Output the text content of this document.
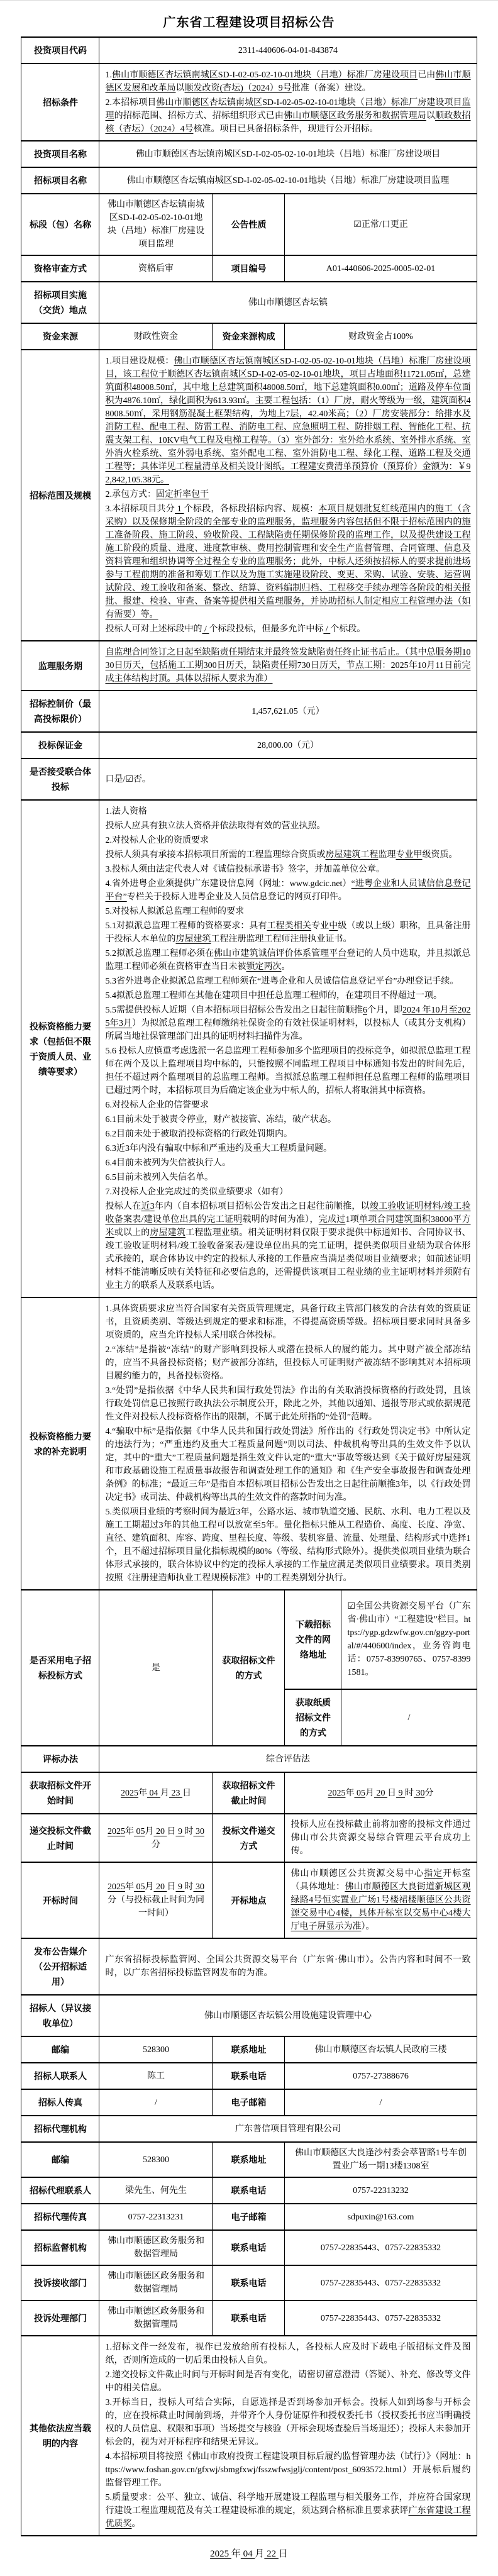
广东省工程建设项目招标公告
投资项目代码	2311-440606-04-01-843874			
招标条件	1.佛山市顺德区杏坛镇南城区SD-I-02-05-02-10-01地块（吕地）标准厂房建设项目已由佛山市顺德区发展和改革局以顺发改资(杏坛)（2024）9号批准（备案）建设。
2.本招标项目佛山市顺德区杏坛镇南城区SD-I-02-05-02-10-01地块（吕地）标准厂房建设项目监理的招标范围、招标方式、招标组织形式已由佛山市顺德区政务服务和数据管理局以顺政数招核（杏坛）（2024）4号核准。项目已具备招标条件，现进行公开招标。			

投资项目名称	佛山市顺德区杏坛镇南城区SD-I-02-05-02-10-01地块（吕地）标准厂房建设项目			
招标项目名称	佛山市顺德区杏坛镇南城区SD-I-02-05-02-10-01地块（吕地）标准厂房建设项目监理			
标段（包）名称	佛山市顺德区杏坛镇南城区SD-I-02-05-02-10-01地块（吕地）标准厂房建设项目监理	公告性质	☑正常/口更正	
资格审查方式	资格后审	项目编号	A01-440606-2025-0005-02-01	
招标项目实施（交货）地点	佛山市顺德区杏坛镇			
资金来源	财政性资金	资金来源构成	财政资金占100%	
招标范围及规模	1.项目建设规模：佛山市顺德区杏坛镇南城区SD-I-02-05-02-10-01地块（吕地）标准厂房建设项目，该工程位于顺德区杏坛镇南城区SD-I-02-05-02-10-01地块，项目占地面积11721.05㎡，总建筑面积48008.50㎡，其中地上总建筑面积48008.50㎡，地下总建筑面积0.00㎡；道路及停车位面积为4876.10㎡，绿化面积为613.93㎡。主要工程包括：（1）厂房，耐火等级为一级，建筑面积48008.50㎡，采用钢筋混凝土框架结构，为地上7层，42.40米高；（2）厂房安装部分：给排水及消防工程、配电工程、防雷工程、消防电工程、应急照明工程、防排烟工程、智能化工程、抗震支架工程、10KV电气工程及电梯工程等。（3）室外部分：室外给水系统、室外排水系统、室外消火栓系统、室外弱电系统、室外配电工程、室外消防电工程、绿化工程、道路工程及交通工程等；具体详见工程量清单及相关设计图纸。工程建安费清单预算价（预算价）金额为：￥92,842,105.38元。
2.承包方式：固定折率包干
3.本招标项目共分 1 个标段，各标段招标内容、规模：本项目规划批复红线范围内的施工（含采购）以及保修期全阶段的全部专业的监理服务，监理服务内容包括但不限于招标范围内的施工准备阶段、施工阶段、验收阶段、工程缺陷责任期保修阶段的监理工作，以及提供建设工程施工阶段的质量、进度、进度款审核、费用控制管理和安全生产监督管理、合同管理、信息及资料管理和组织协调等全过程全专业的监理服务；此外，中标人还须按招标人的要求提前进场参与工程前期的准备和筹划工作以及为施工实施建设阶段、变更、采购、试验、安装、运营调试阶段、竣工验收和备案、整改、结算、资料编制归档、工程移交手续办理等各阶段的相关报批、报建、检验、审查、备案等提供相关监理服务，并协助招标人制定相应工程管理办法（如有需要）等。
投标人可对上述标段中的 / 个标段投标，但最多允许中标 / 个标段。			

监理服务期	自监理合同签订之日起至缺陷责任期结束并最终签发缺陷责任终止证书后止。（其中总服务期1030日历天，包括施工工期300日历天，缺陷责任期730日历天，节点工期：2025年10月11日前完成主体结构封顶。具体以招标人要求为准）			

招标控制价（最高投标限价）	1,457,621.05（元）			
投标保证金	28,000.00（元）			
是否接受联合体投标	口是/☑否。			
投标资格能力要求（包括但不限于资质人员、业绩等要求）	
1.法人资格
投标人应具有独立法人资格并依法取得有效的营业执照。
2.对投标人企业的资质要求
投标人须具有承接本招标项目所需的工程监理综合资质或房屋建筑工程监理专业甲级资质。
3.投标人须由法定代表人对《诚信投标承诺书》签字，并加盖单位公章。
4.省外进粤企业须提供广东建设信息网（网址：www.gdcic.net）“进粤企业和人员诚信信息登记平台”专栏关于投标人进粤企业及人员信息登记的网页打印件。
5.对投标人拟派总监理工程师的要求
5.1对拟派总监理工程师的资格要求：具有工程类相关专业中级（或以上级）职称，且具备注册于投标人本单位的房屋建筑工程注册监理工程师注册执业证书。
5.2拟派总监理工程师必须在佛山市建筑诚信评价体系管理平台登记的人员中选取，并且拟派总监理工程师必须在资格审查当日未被锁定两次。
5.3省外进粤企业拟派总监理工程师须在“进粤企业和人员诚信信息登记平台”办理登记手续。
5.4拟派总监理工程师在其他在建项目中担任总监理工程师的，在建项目不得超过一项。
5.5需提供投标人近期（自本招标项目招标公告发出之日起往前顺推6个月，即2024 年10月至2025年3月）为拟派总监理工程师缴纳社保资金的有效社保证明材料，以投标人（或其分支机构）所属当地社保管理部门出具的证明材料扫描件为准。
5.6 投标人应慎重考虑选派一名总监理工程师参加多个监理项目的投标竞争，如拟派总监理工程师在两个及以上监理项目均中标的，只能按照不同监理工程项目中标通知书发出的时间先后，担任不超过两个监理项目的总监理工程师。当拟派总监理工程师担任总监理工程师的监理项目已超过两个时，本招标项目为后确定该企业为中标人的，招标人将取消其中标资格。
6.对投标人企业的信誉要求
6.1目前未处于被责令停业，财产被接管、冻结，破产状态。
6.2目前未处于被取消投标资格的行政处罚期内。
6.3近3年内没有骗取中标和严重违约及重大工程质量问题。
6.4目前未被列为失信被执行人。
6.5目前未被列入失信名单。
7.对投标人企业完成过的类似业绩要求（如有）
投标人在近3年内（自本招标项目招标公告发出之日起往前顺推，以竣工验收证明材料/竣工验收备案表/建设单位出具的完工证明载明的时间为准），完成过1项单项合同建筑面积38000平方米或以上的房屋建筑工程监理业绩。相关证明材料仅限于要求提供中标通知书、合同协议书、竣工验收证明材料/竣工验收备案表/建设单位出具的完工证明，提供类似项目业绩为联合体形式承接的，联合体协议中约定的投标人承接的工作量应当满足类似项目业绩要求；如前述证明材料不能清晰反映有关特征和必要信息的，还需提供该项目工程业绩的业主证明材料并须附有业主方的联系人及联系电话。

投标资格能力要求的补充说明	1.具体资质要求应当符合国家有关资质管理规定，具备行政主管部门核发的合法有效的资质证书，且资质类别、等级达到规定的要求和标准，不得提高资质等级。招标项目要求同时具备多项资质的，应当允许投标人采用联合体投标。
2.“冻结”是指被“冻结”的财产影响到投标人或潜在投标人的履约能力。其中财产被全部冻结的，应当不具备投标资格；财产被部分冻结，但投标人可证明财产被冻结不影响其对本招标项目履约能力的，具备投标资格。
3.“处罚”是指依据《中华人民共和国行政处罚法》作出的有关取消投标资格的行政处罚，且该行政处罚信息已按照行政执法公示制度公开，除此之外，其他以通知、通报等形式或依据规范性文件对投标人投标资格作出的限制，不属于此处所指的“处罚”范畴。
4.“骗取中标”是指依据《中华人民共和国行政处罚法》所作出的《行政处罚决定书》中所认定的违法行为；“严重违约及重大工程质量问题”则以司法、仲裁机构等出具的生效文件予以认定，其中的“重大”工程质量问题是指生效文件认定的“重大”事故等级达到《关于做好房屋建筑和市政基础设施工程质量事故报告和调查处理工作的通知》和《生产安全事故报告和调查处理条例》的标准；“最近三年”是指自本招标项目招标公告发出之日起往前顺推3年，以《行政处罚决定书》或司法、仲裁机构等出具的生效文件的落款时间为准。
5.类似项目业绩的考察时间为最近3年，公路水运、城市轨道交通、民航、水利、电力工程以及施工工期超过3年的其他工程可以放宽至5年。量化指标只能从工程造价、高度、长度、净宽、直径、建筑面积、库容、跨度、里程长度、等级、装机容量、流量、处理量、结构形式中选择1个，且不超过招标项目量化指标规模的80%（等级、结构形式除外）。提供类似项目业绩为联合体形式承接的，联合体协议中约定的投标人承接的工作量应满足类似项目业绩要求。项目类别按照《注册建造师执业工程规模标准》中的工程类别划分执行。			

是否采用电子招标投标方式	是	获取招标文件的方式	下载招标文件的网络地址	☑全国公共资源交易平台（广东省·佛山市）“工程建设”栏目。https://ygp.gdzwfw.gov.cn/ggzy-portal/#/440600/index，业务咨询电话：0757-83990765、0757-83991581。

			获取纸质招标文件的方式	/
评标办法	综合评估法			
获取招标文件开始时间	2025年 04 月 23 日	获取招标文件截止时间	2025年 05月 20 日 9 时 30分	

递交投标文件截止时间	2025年 05月 20 日 9 时 30分	投标文件递交方式	投标人应在投标截止前将加密的投标文件通过佛山市公共资源交易综合管理云平台成功上传。	
开标时间	2025年 05月 20 日 9 时 30分（与投标截止时间为同一时间）	开标地点	佛山市顺德区公共资源交易中心指定开标室（具体地址：佛山市顺德区大良街道新城区观绿路4号恒实置业广场1号楼裙楼顺德区公共资源交易中心4楼，具体开标室以交易中心4楼大厅电子屏显示为准）。	

发布公告媒介（公开招标适用）	广东省招标投标监管网、全国公共资源交易平台（广东省·佛山市）。公告内容和时间不一致时，以广东省招标投标监管网发布的为准。			
招标人（异议接收单位）	佛山市顺德区杏坛镇公用设施建设管理中心			
邮编	528300	联系地址	佛山市顺德区杏坛镇人民政府三楼	
招标人联系人	陈工	联系电话	0757-27388676	
招标人传真	/	电子邮箱	/	
招标代理机构	广东普信项目管理有限公司			
邮编	528300	联系地址	佛山市顺德区大良逢沙村委会萃智路1号车创置业广场一期13楼1308室	
招标代理联系人	梁先生、何先生	联系电话	0757-22313232	
招标代理传真	0757-22313231	电子邮箱	sdpuxin@163.com	
招标监督机构	佛山市顺德区政务服务和数据管理局	联系电话	0757-22835443、0757-22835332	
投诉接收部门	佛山市顺德区政务服务和数据管理局	联系电话	0757-22835443、0757-22835332	
投诉处理部门	佛山市顺德区政务服务和数据管理局	联系电话	0757-22835443、0757-22835332	
其他依法应当载明的内容	1.招标文件一经发布，视作已发放给所有投标人，各投标人应及时下载电子版招标文件及图纸，否则所造成的一切后果由投标人自负。
2.递交投标文件截止时间与开标时间是否有变化，请密切留意澄清（答疑）、补充、修改等文件中的相关信息。
3.开标当日，投标人可结合实际，自愿选择是否到场参加开标会。投标人如到场参与开标会的，应在投标截止时间前到场，并带齐个人身份证原件和授权委托书（授权委托书应当明确授权的人员信息、权限和事项）当场提交与核验（开标会现场查验后当场退还）；投标人未参加开标会的，视为对开标程序和结果无异议。
4.本招标项目将按照《佛山市政府投资工程建设项目标后履约监督管理办法（试行）》（网址：https://www.foshan.gov.cn/gfxwj/sbmgfxwj/fsszwfwsjglj/content/post_6093572.html）开展标后履约监督管理工作。
5.质量要求：公平、独立、诚信、科学地开展建设工程监理与相关服务工作，并应符合国家现行建设工程监理规范及有关工程建设标准的规定，须达到合格标准且要求获评广东省建设工程优质奖。			
2025 年 04 月 22 日
